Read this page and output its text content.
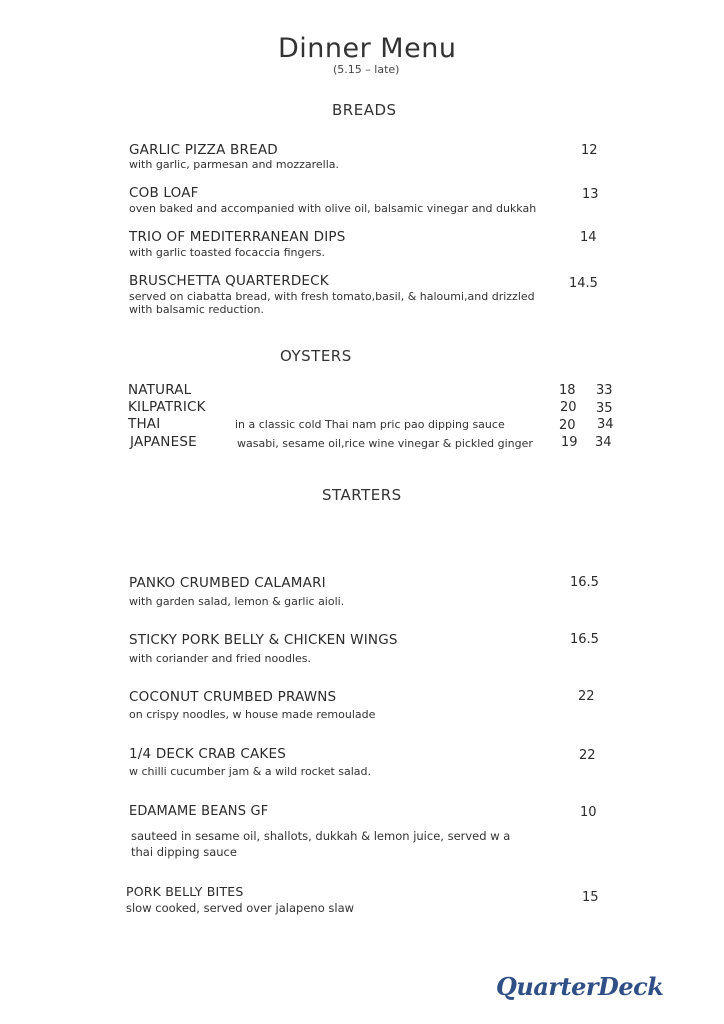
Dinner Menu
(5.15 – late)
BREADS
GARLIC PIZZA BREAD
with garlic, parmesan and mozzarella.
12
COB LOAF
oven baked and accompanied with olive oil, balsamic vinegar and dukkah
13
TRIO OF MEDITERRANEAN DIPS
with garlic toasted focaccia fingers.
14
BRUSCHETTA QUARTERDECK
served on ciabatta bread, with fresh tomato,basil, & haloumi,and drizzled
with balsamic reduction.
14.5
OYSTERS
NATURAL	18 33
KILPATRICK	20 35
THAI	in a classic cold Thai nam pric pao dipping sauce	20 34
JAPANESE	wasabi, sesame oil,rice wine vinegar & pickled ginger 19 34
STARTERS
PANKO CRUMBED CALAMARI
with garden salad, lemon & garlic aioli.
16.5
STICKY PORK BELLY & CHICKEN WINGS
with coriander and fried noodles.
16.5
COCONUT CRUMBED PRAWNS
on crispy noodles, w house made remoulade
22
1/4 DECK CRAB CAKES
w chilli cucumber jam & a wild rocket salad.
22
EDAMAME BEANS GF
sauteed in sesame oil, shallots, dukkah & lemon juice, served w a
thai dipping sauce
10
PORK BELLY BITES
slow cooked, served over jalapeno slaw
15
QuarterDeck
